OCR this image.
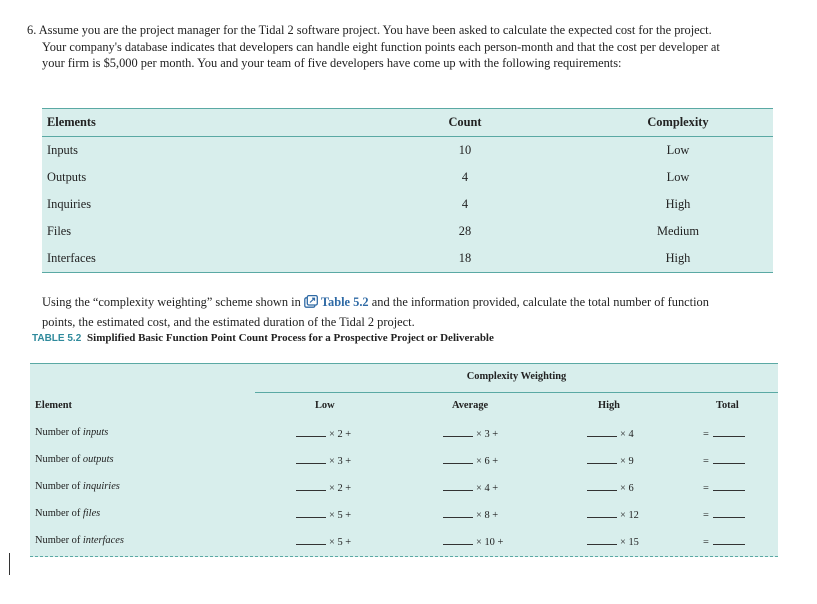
6. Assume you are the project manager for the Tidal 2 software project. You have been asked to calculate the expected cost for the project.
Your company's database indicates that developers can handle eight function points each person-month and that the cost per developer at
your firm is $5,000 per month. You and your team of five developers have come up with the following requirements:
Elements	Count	Complexity
Inputs	10	Low
Outputs	4	Low
Inquiries	4	High
Files	28	Medium
Interfaces	18	High
Using the “complexity weighting” scheme shown in Table 5.2 and the information provided, calculate the total number of function
points, the estimated cost, and the estimated duration of the Tidal 2 project.
TABLE 5.2 Simplified Basic Function Point Count Process for a Prospective Project or Deliverable
Complexity Weighting
Element	Low	Average	High	Total
Number of inputs	× 2 +	× 3 +	× 4	=
Number of outputs	× 3 +	× 6 +	× 9	=
Number of inquiries	× 2 +	× 4 +	× 6	=
Number of files	× 5 +	× 8 +	× 12	=
Number of interfaces	× 5 +	× 10 +	× 15	=
